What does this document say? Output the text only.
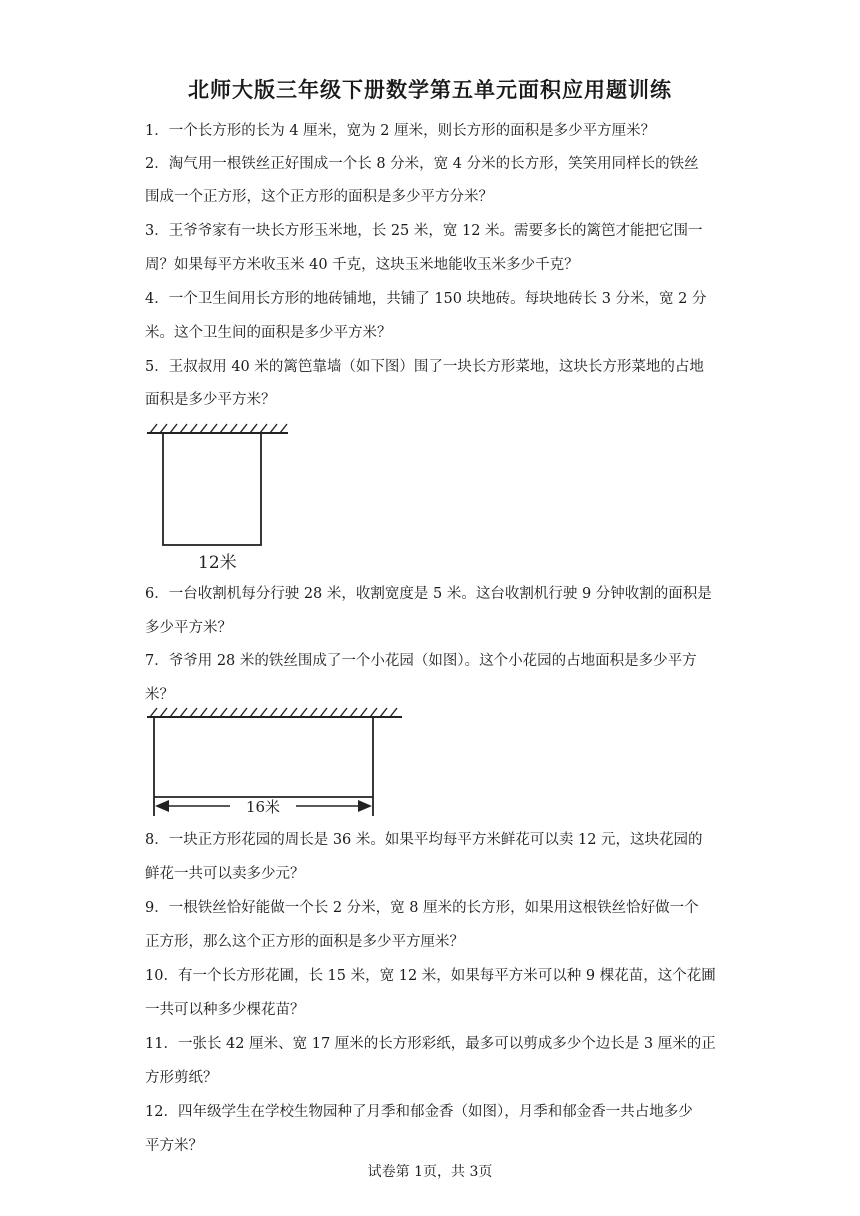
北师大版三年级下册数学第五单元面积应用题训练
1．一个长方形的长为 4 厘米，宽为 2 厘米，则长方形的面积是多少平方厘米？
2．淘气用一根铁丝正好围成一个长 8 分米，宽 4 分米的长方形，笑笑用同样长的铁丝
围成一个正方形，这个正方形的面积是多少平方分米？
3．王爷爷家有一块长方形玉米地，长 25 米，宽 12 米。需要多长的篱笆才能把它围一
周？如果每平方米收玉米 40 千克，这块玉米地能收玉米多少千克？
4．一个卫生间用长方形的地砖铺地，共铺了 150 块地砖。每块地砖长 3 分米，宽 2 分
米。这个卫生间的面积是多少平方米？
5．王叔叔用 40 米的篱笆靠墙（如下图）围了一块长方形菜地，这块长方形菜地的占地
面积是多少平方米？
12米
6．一台收割机每分行驶 28 米，收割宽度是 5 米。这台收割机行驶 9 分钟收割的面积是
多少平方米？
7．爷爷用 28 米的铁丝围成了一个小花园（如图）。这个小花园的占地面积是多少平方
米？
16米
8．一块正方形花园的周长是 36 米。如果平均每平方米鲜花可以卖 12 元，这块花园的
鲜花一共可以卖多少元？
9．一根铁丝恰好能做一个长 2 分米，宽 8 厘米的长方形，如果用这根铁丝恰好做一个
正方形，那么这个正方形的面积是多少平方厘米？
10．有一个长方形花圃，长 15 米，宽 12 米，如果每平方米可以种 9 棵花苗，这个花圃
一共可以种多少棵花苗？
11．一张长 42 厘米、宽 17 厘米的长方形彩纸，最多可以剪成多少个边长是 3 厘米的正
方形剪纸？
12．四年级学生在学校生物园种了月季和郁金香（如图），月季和郁金香一共占地多少
平方米？
试卷第 1页，共 3页
